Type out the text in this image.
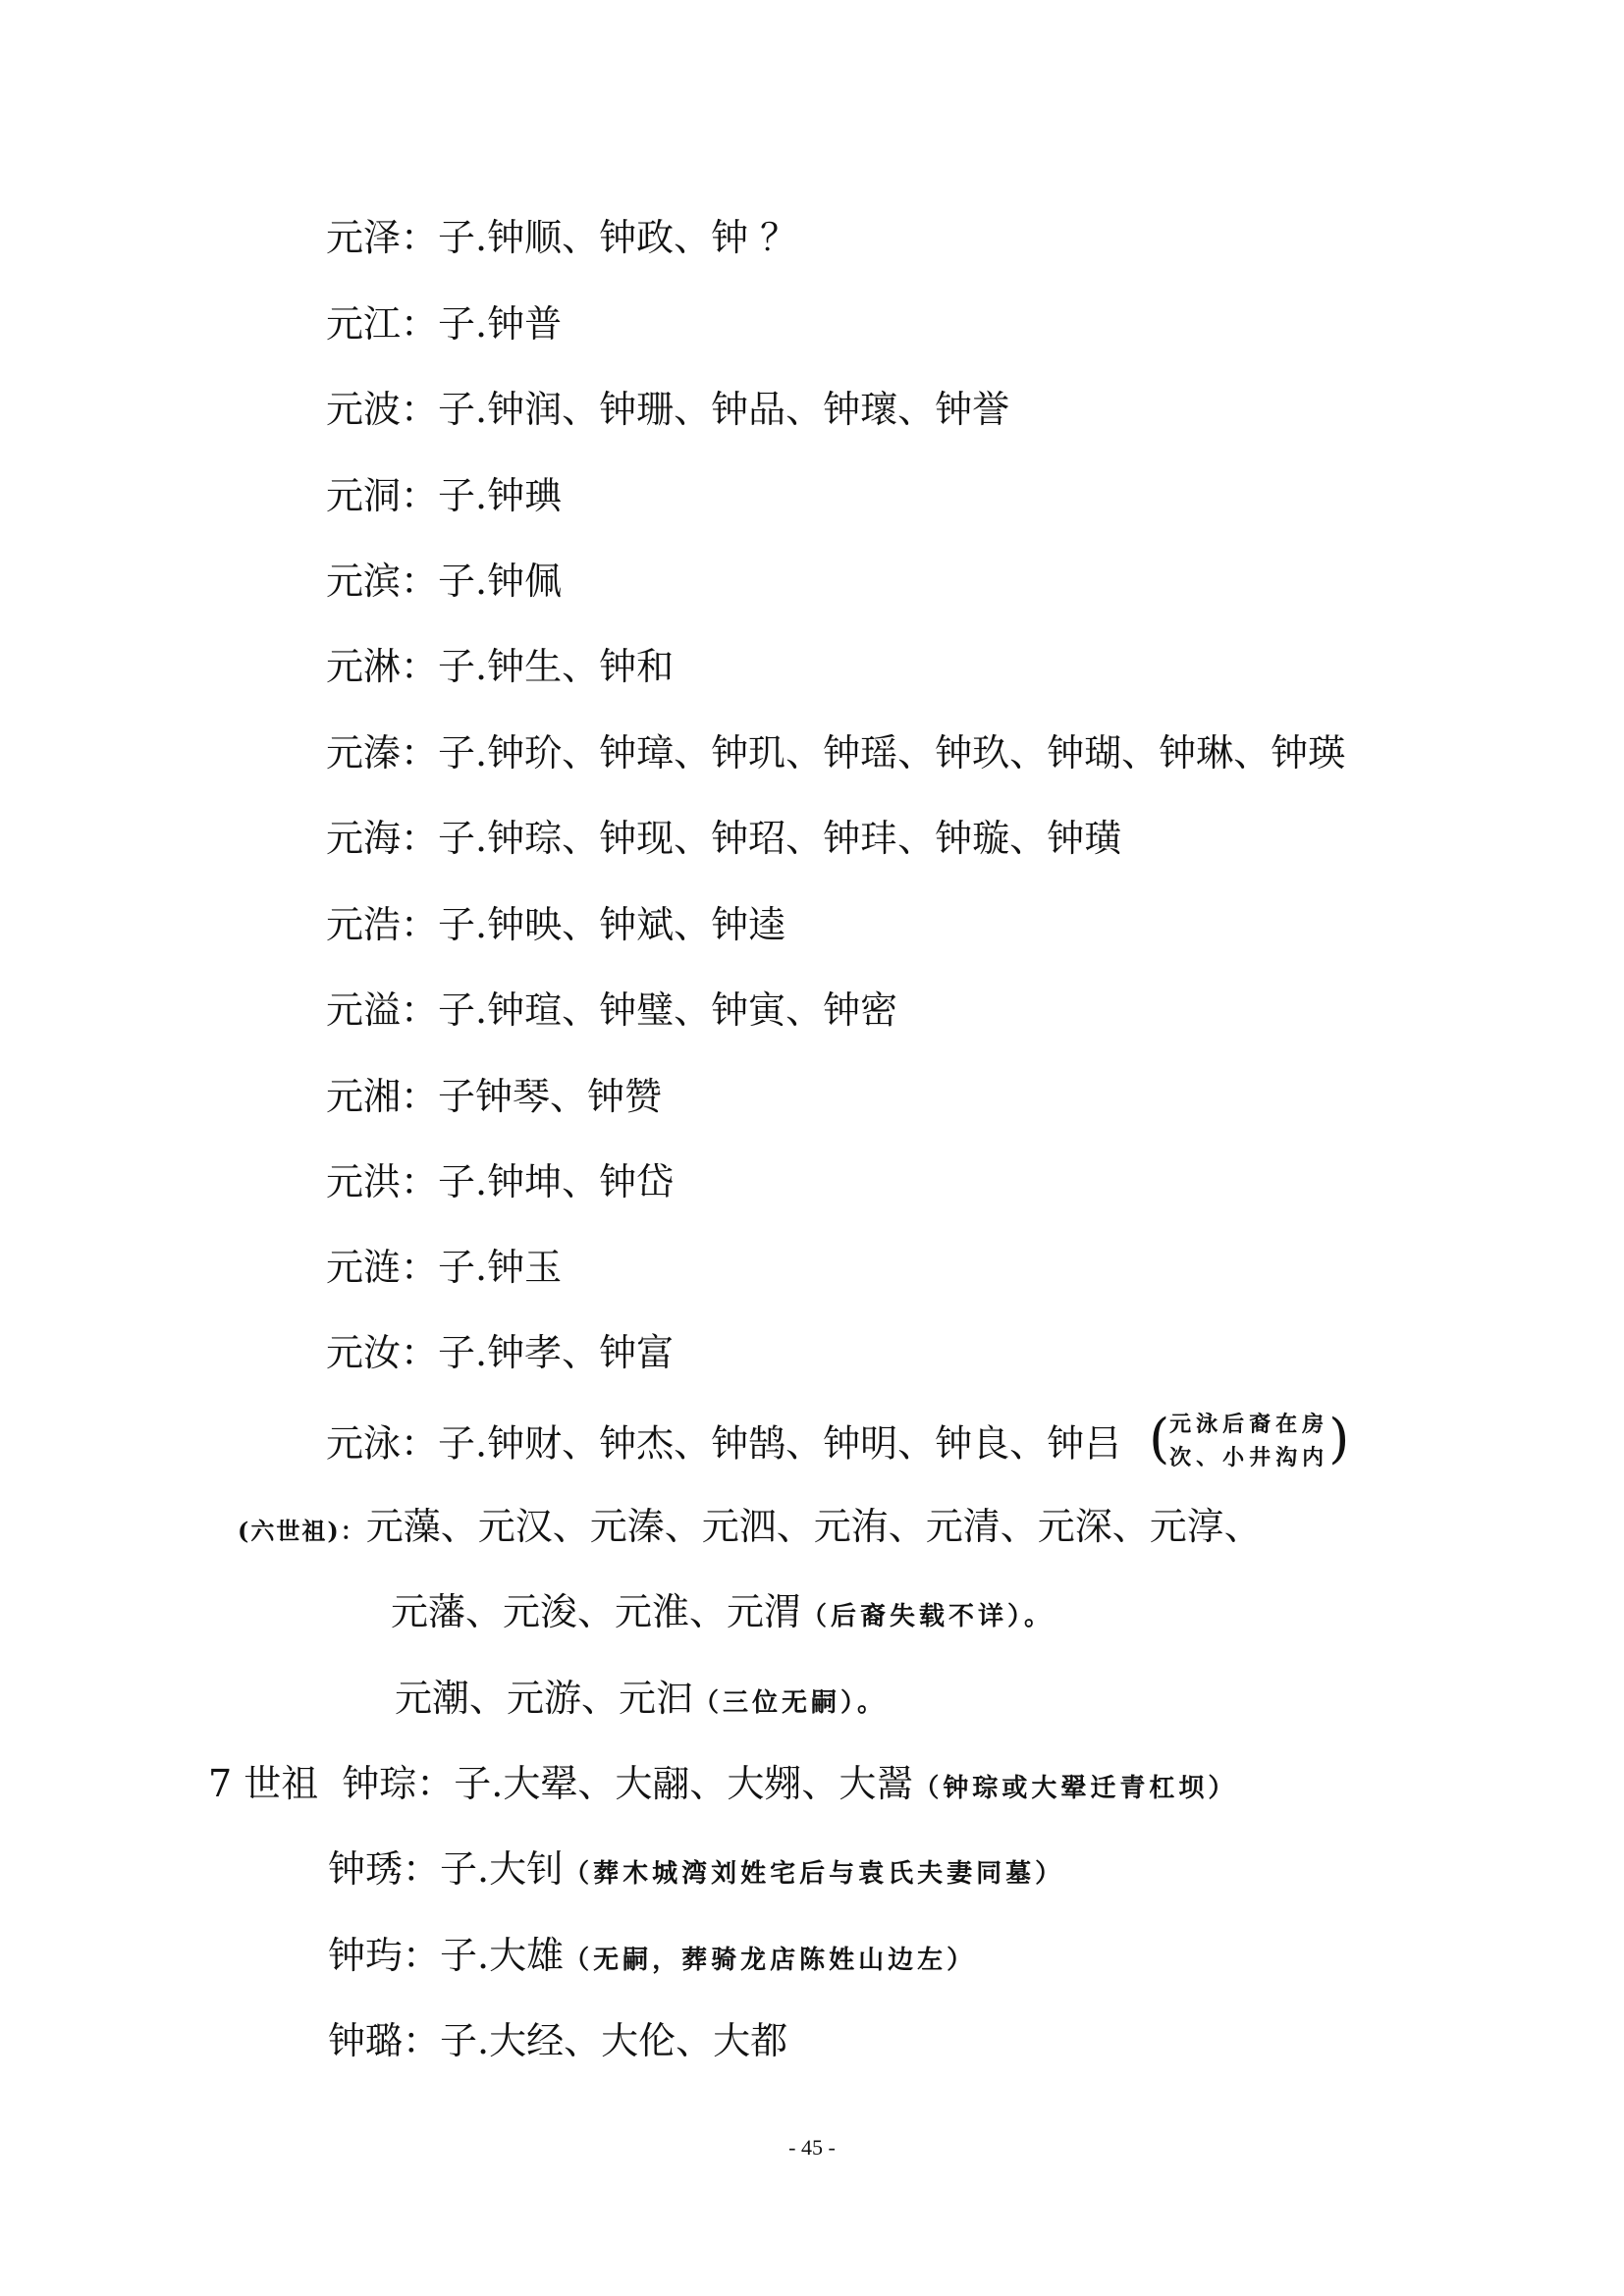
元泽：子.钟顺、钟政、钟 ？
元江：子.钟普
元波：子.钟润、钟珊、钟品、钟瓌、钟誉
元洞：子.钟琠
元滨：子.钟佩
元淋：子.钟生、钟和
元溱：子.钟玠、钟璋、钟玑、钟瑶、钟玖、钟瑚、钟琳、钟瑛
元海：子.钟琮、钟现、钟玿、钟玤、钟璇、钟璜
元浩：子.钟映、钟斌、钟逵
元溢：子.钟瑄、钟璧、钟寅、钟密
元湘：子钟琴、钟赞
元洪：子.钟坤、钟岱
元涟：子.钟玉
元汝：子.钟孝、钟富
元泳：子.钟财、钟杰、钟鹄、钟明、钟良、钟吕 ( 元泳后裔在房
次、小井沟内 )
(六世祖)：元藻、元汉、元溱、元泗、元洧、元清、元深、元淳、
元藩、元浚、元淮、元渭（后裔失载不详）。
元潮、元游、元汩（三位无嗣）。
7 世祖 钟琮：子.大翚、大翮、大翙、大翯（钟琮或大翚迁青杠坝）
钟琇：子.大钊（葬木城湾刘姓宅后与袁氏夫妻同墓）
钟玙：子.大雄（无嗣，葬骑龙店陈姓山边左）
钟璐：子.大经、大伦、大都
- 45 -
